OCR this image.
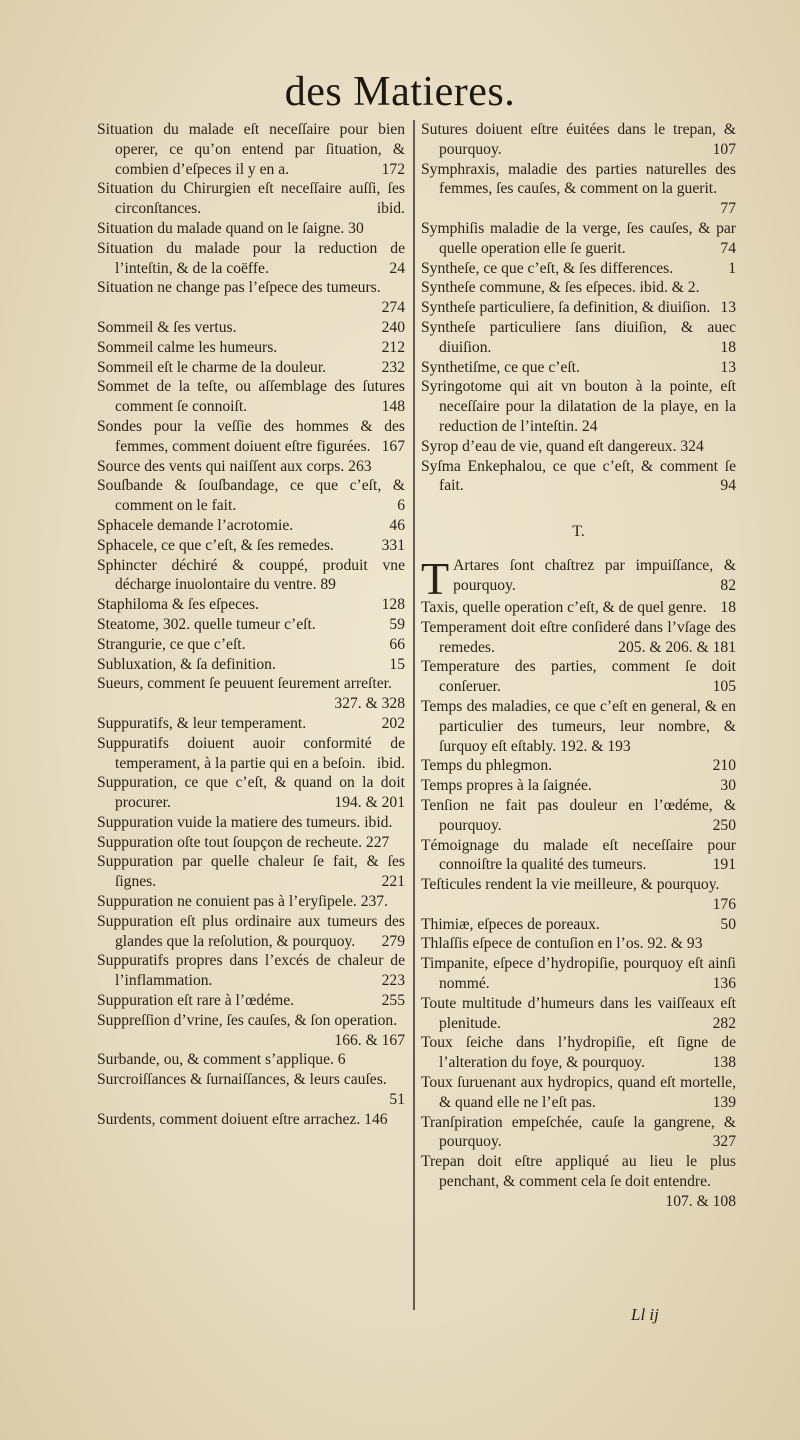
des Matieres.
Situation du malade eſt neceſſaire pour bien operer, ce qu’on entend par ſituation, & combien d’eſpeces il y en a.	172
Situation du Chirurgien eſt neceſſaire auſſi, ſes circonſtances.	ibid.
Situation du malade quand on le ſaigne. 30
Situation du malade pour la reduction de l’inteſtin, & de la coëffe.	24
Situation ne change pas l’eſpece des tumeurs.
274
Sommeil & ſes vertus.	240
Sommeil calme les humeurs.	212
Sommeil eſt le charme de la douleur.	232
Sommet de la teſte, ou aſſemblage des ſutures comment ſe connoiſt.	148
Sondes pour la veſſie des hommes & des femmes, comment doiuent eſtre figurées. 167
Source des vents qui naiſſent aux corps. 263
Souſbande & ſouſbandage, ce que c’eſt, & comment on le fait.	6
Sphacele demande l’acrotomie.	46
Sphacele, ce que c’eſt, & ſes remedes.	331
Sphincter déchiré & couppé, produit vne décharge inuolontaire du ventre. 89
Staphiloma & ſes eſpeces.	128
Steatome, 302. quelle tumeur c’eſt.	59
Strangurie, ce que c’eſt.	66
Subluxation, & ſa definition.	15
Sueurs, comment ſe peuuent ſeurement arreſter.
327. & 328
Suppuratifs, & leur temperament.	202
Suppuratifs doiuent auoir conformité de temperament, à la partie qui en a beſoin. ibid.
Suppuration, ce que c’eſt, & quand on la doit procurer.	194. & 201
Suppuration vuide la matiere des tumeurs. ibid.
Suppuration oſte tout ſoupçon de recheute. 227
Suppuration par quelle chaleur ſe fait, & ſes ſignes.	221
Suppuration ne conuient pas à l’eryſipele. 237.
Suppuration eſt plus ordinaire aux tumeurs des glandes que la reſolution, & pourquoy.	279
Suppuratifs propres dans l’excés de chaleur de l’inflammation.	223
Suppuration eſt rare à l’œdéme.	255
Suppreſſion d’vrine, ſes cauſes, & ſon operation.
166. & 167
Surbande, ou, & comment s’applique. 6
Surcroiſſances & ſurnaiſſances, & leurs cauſes.
51
Surdents, comment doiuent eſtre arrachez. 146
Sutures doiuent eſtre éuitées dans le trepan, & pourquoy.	107
Symphraxis, maladie des parties naturelles des femmes, ſes cauſes, & comment on la guerit.
77
Symphiſis maladie de la verge, ſes cauſes, & par quelle operation elle ſe guerit.	74
Syntheſe, ce que c’eſt, & ſes differences.	1
Syntheſe commune, & ſes eſpeces. ibid. & 2.
Syntheſe particuliere, ſa definition, & diuiſion. 13
Syntheſe particuliere ſans diuiſion, & auec diuiſion.	18
Synthetiſme, ce que c’eſt.	13
Syringotome qui ait vn bouton à la pointe, eſt neceſſaire pour la dilatation de la playe, en la reduction de l’inteſtin. 24
Syrop d’eau de vie, quand eſt dangereux. 324
Syſma Enkephalou, ce que c’eſt, & comment ſe fait.	94
T.
T Artares ſont chaſtrez par impuiſſance, & pourquoy.	82
Taxis, quelle operation c’eſt, & de quel genre. 18
Temperament doit eſtre conſideré dans l’vſage des remedes.	205. & 206. & 181
Temperature des parties, comment ſe doit conſeruer.	105
Temps des maladies, ce que c’eſt en general, & en particulier des tumeurs, leur nombre, & ſurquoy eſt eſtably. 192. & 193
Temps du phlegmon.	210
Temps propres à la ſaignée.	30
Tenſion ne fait pas douleur en l’œdéme, & pourquoy.	250
Témoignage du malade eſt neceſſaire pour connoiſtre la qualité des tumeurs.	191
Teſticules rendent la vie meilleure, & pourquoy.
176
Thimiæ, eſpeces de poreaux.	50
Thlaſſis eſpece de contuſion en l’os. 92. & 93
Timpanite, eſpece d’hydropiſie, pourquoy eſt ainſi nommé.	136
Toute multitude d’humeurs dans les vaiſſeaux eſt plenitude.	282
Toux ſeiche dans l’hydropiſie, eſt ſigne de l’alteration du foye, & pourquoy.	138
Toux ſuruenant aux hydropics, quand eſt mortelle, & quand elle ne l’eſt pas.	139
Tranſpiration empeſchée, cauſe la gangrene, & pourquoy.	327
Trepan doit eſtre appliqué au lieu le plus penchant, & comment cela ſe doit entendre.
107. & 108
Ll ij
